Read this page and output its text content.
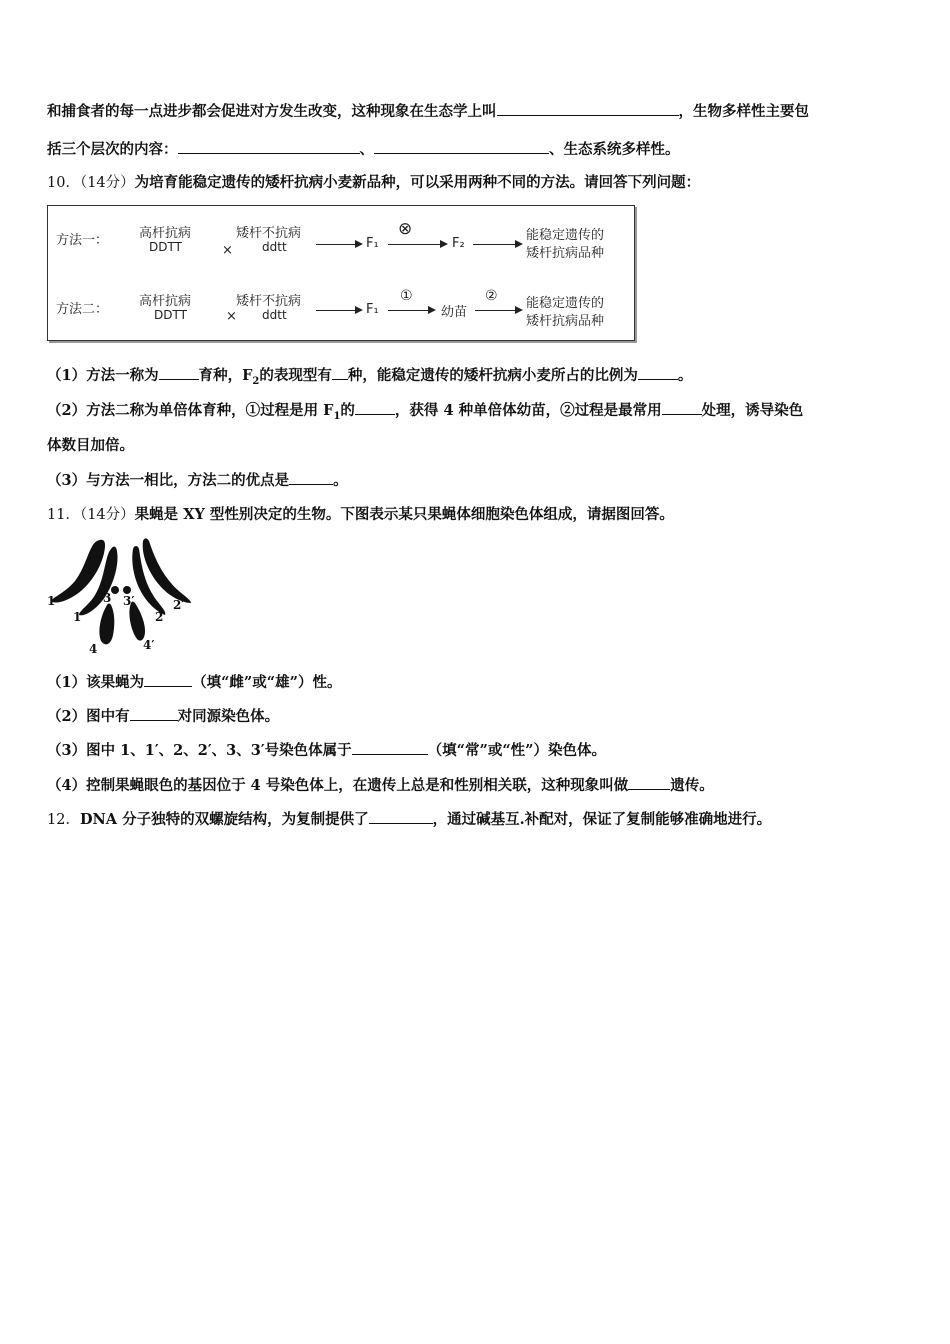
和捕食者的每一点进步都会促进对方发生改变，这种现象在生态学上叫	，生物多样性主要包
括三个层次的内容：	、	、生态系统多样性。
10．（14分）为培育能稳定遗传的矮杆抗病小麦新品种，可以采用两种不同的方法。请回答下列问题：
方法一： 高杆抗病
DDTT	×
矮杆不抗病
ddtt	F₁
⊗
F₂
能稳定遗传的
矮杆抗病品种
方法二：
高杆抗病
DDTT	×
矮杆不抗病
ddtt	F₁
①
幼苗
② 能稳定遗传的
矮杆抗病品种
（1）方法一称为	育种，$F_2$的表现型有 种，能稳定遗传的矮杆抗病小麦所占的比例为	。
（2）方法二称为单倍体育种，①过程是用 $F_1$的	，获得 4 种单倍体幼苗，②过程是最常用	处理，诱导染色
体数目加倍。
（3）与方法一相比，方法二的优点是	。
11．（14分）果蝇是 XY 型性别决定的生物。下图表示某只果蝇体细胞染色体组成，请据图回答。
1
1′
3 3′
2
2′
4	4′
（1）该果蝇为	（填“雌”或“雄”）性。
（2）图中有	对同源染色体。
（3）图中 1、1′、2、2′、3、3′号染色体属于	（填“常”或“性”）染色体。
（4）控制果蝇眼色的基因位于 4 号染色体上，在遗传上总是和性别相关联，这种现象叫做	遗传。
12．DNA 分子独特的双螺旋结构，为复制提供了	，通过碱基互.补配对，保证了复制能够准确地进行。
